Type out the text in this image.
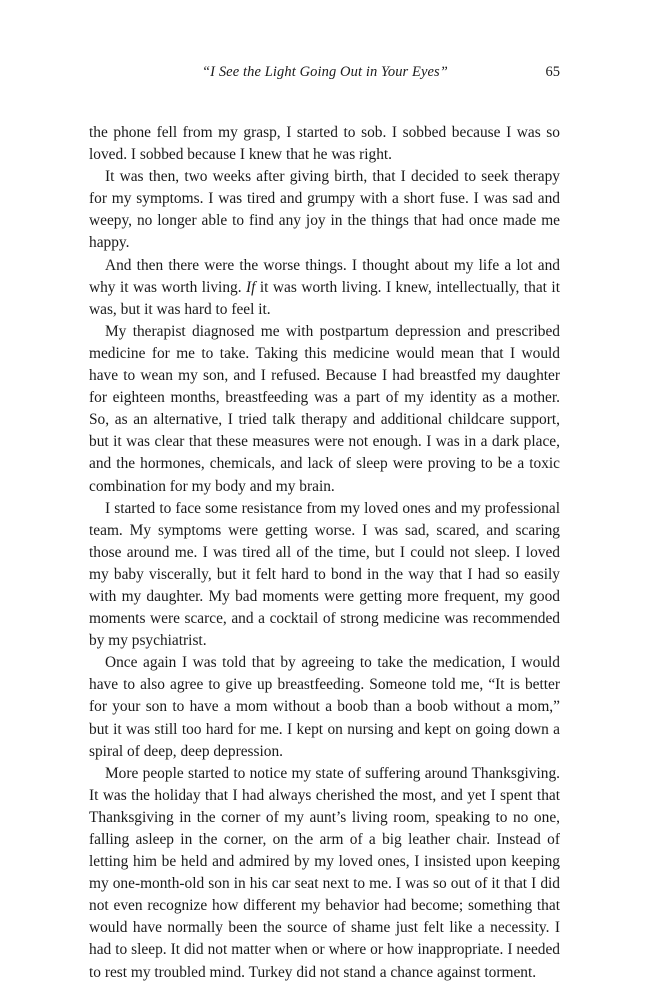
“I See the Light Going Out in Your Eyes”	65

the phone fell from my grasp, I started to sob. I sobbed because I was so loved. I sobbed because I knew that he was right.

It was then, two weeks after giving birth, that I decided to seek therapy for my symptoms. I was tired and grumpy with a short fuse. I was sad and weepy, no longer able to find any joy in the things that had once made me happy.

And then there were the worse things. I thought about my life a lot and why it was worth living. If it was worth living. I knew, intellectually, that it was, but it was hard to feel it.

My therapist diagnosed me with postpartum depression and prescribed medicine for me to take. Taking this medicine would mean that I would have to wean my son, and I refused. Because I had breastfed my daughter for eighteen months, breastfeeding was a part of my identity as a mother. So, as an alternative, I tried talk therapy and additional childcare support, but it was clear that these measures were not enough. I was in a dark place, and the hormones, chemicals, and lack of sleep were proving to be a toxic combination for my body and my brain.

I started to face some resistance from my loved ones and my professional team. My symptoms were getting worse. I was sad, scared, and scaring those around me. I was tired all of the time, but I could not sleep. I loved my baby viscerally, but it felt hard to bond in the way that I had so easily with my daughter. My bad moments were getting more frequent, my good moments were scarce, and a cocktail of strong medicine was recommended by my psychiatrist.

Once again I was told that by agreeing to take the medication, I would have to also agree to give up breastfeeding. Someone told me, “It is better for your son to have a mom without a boob than a boob without a mom,” but it was still too hard for me. I kept on nursing and kept on going down a spiral of deep, deep depression.

More people started to notice my state of suffering around Thanksgiving. It was the holiday that I had always cherished the most, and yet I spent that Thanksgiving in the corner of my aunt’s living room, speaking to no one, falling asleep in the corner, on the arm of a big leather chair. Instead of letting him be held and admired by my loved ones, I insisted upon keeping my one-month-old son in his car seat next to me. I was so out of it that I did not even recognize how different my behavior had become; something that would have normally been the source of shame just felt like a necessity. I had to sleep. It did not matter when or where or how inappropriate. I needed to rest my troubled mind. Turkey did not stand a chance against torment.
